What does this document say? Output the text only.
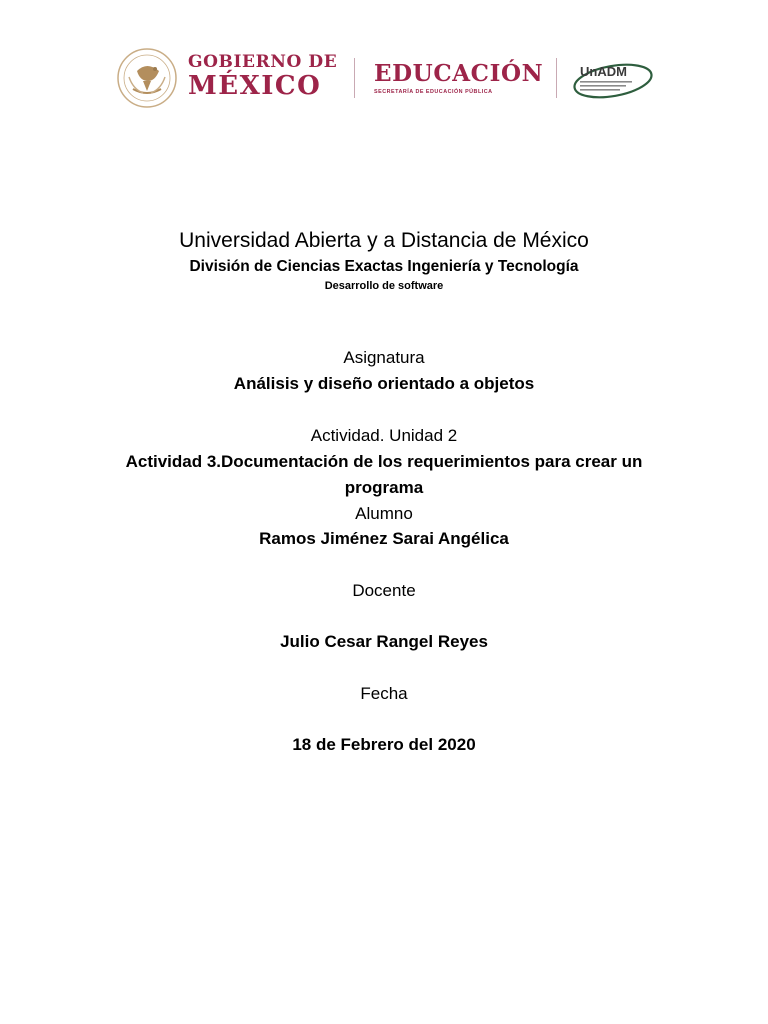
GOBIERNO DE
MÉXICO	EDUCACIÓN
SECRETARÍA DE EDUCACIÓN PÚBLICA
UnADM

Universidad Abierta y a Distancia de México

División de Ciencias Exactas Ingeniería y Tecnología

Desarrollo de software

Asignatura

Análisis y diseño orientado a objetos

Actividad. Unidad 2

Actividad 3.Documentación de los requerimientos para crear un programa

Alumno

Ramos Jiménez Sarai Angélica

Docente

Julio Cesar Rangel Reyes

Fecha

18 de Febrero del 2020
